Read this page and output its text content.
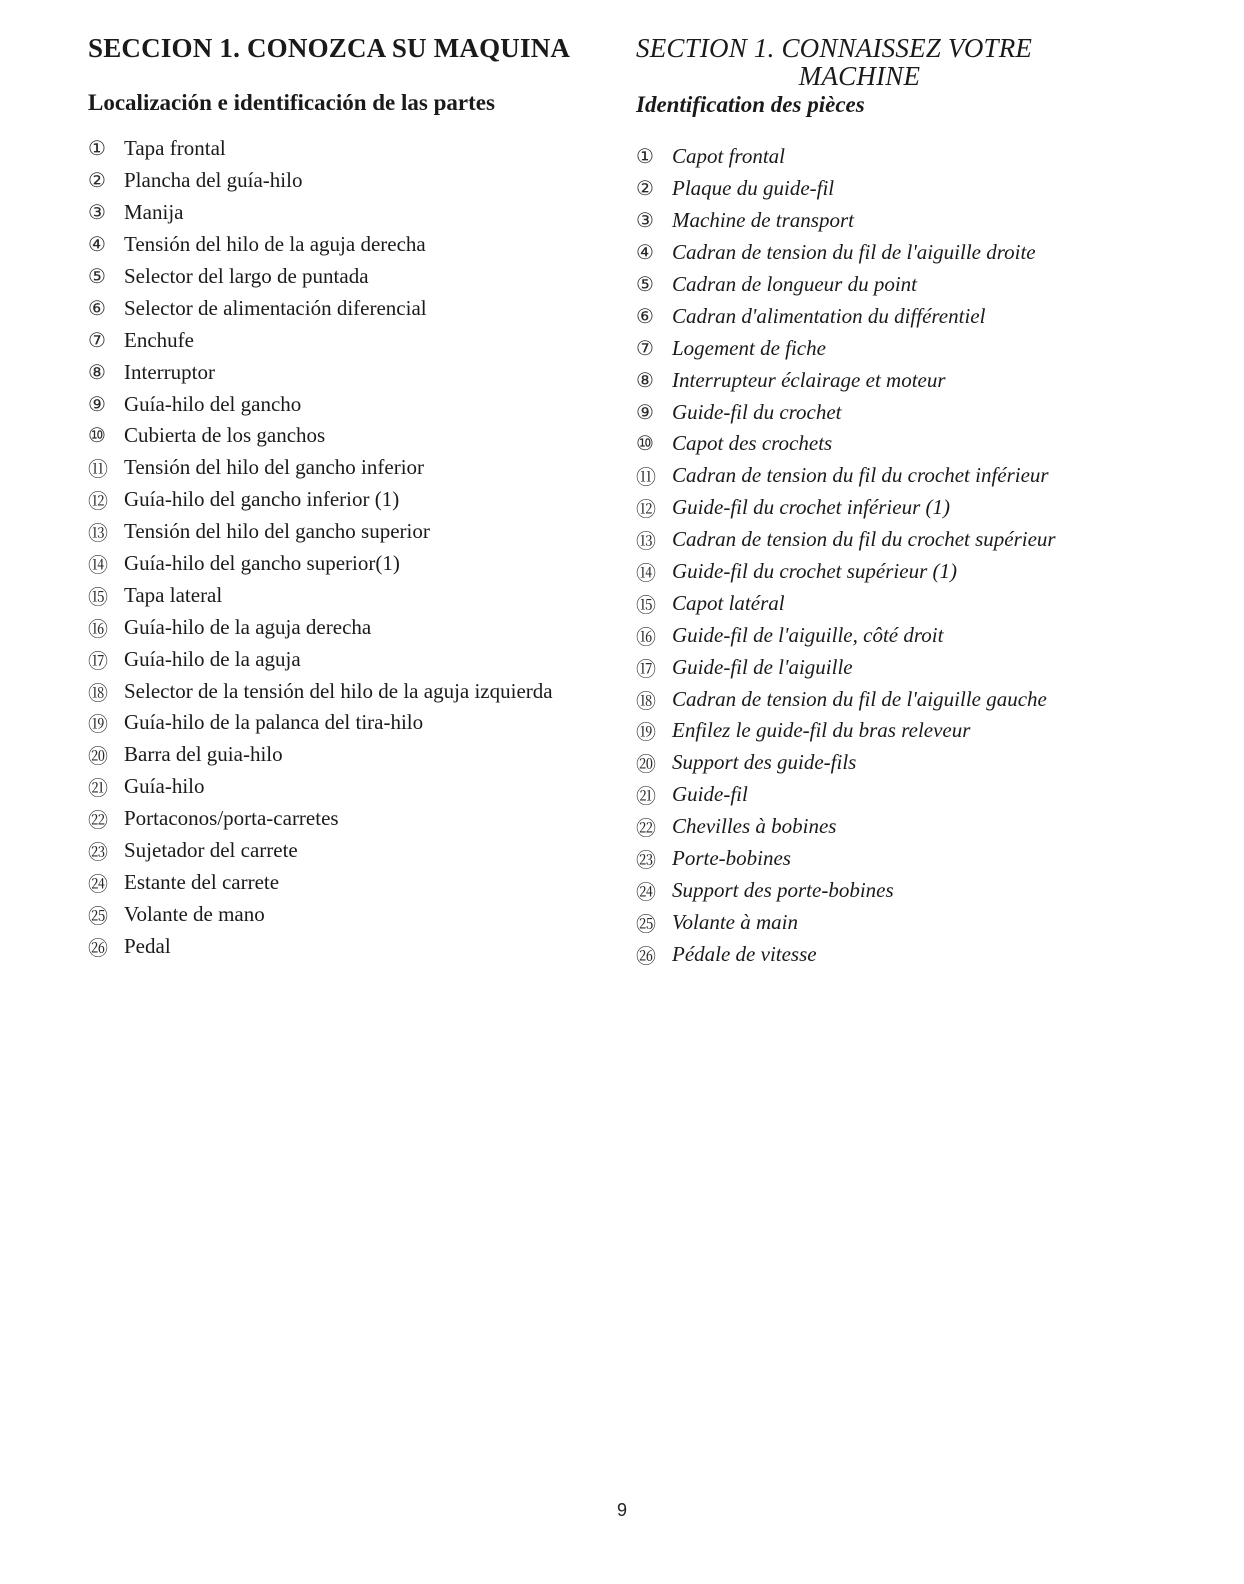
SECCION 1. CONOZCA SU MAQUINA
Localización e identificación de las partes
① Tapa frontal
② Plancha del guía-hilo
③ Manija
④ Tensión del hilo de la aguja derecha
⑤ Selector del largo de puntada
⑥ Selector de alimentación diferencial
⑦ Enchufe
⑧ Interruptor
⑨ Guía-hilo del gancho
⑩ Cubierta de los ganchos
⑪ Tensión del hilo del gancho inferior
⑫ Guía-hilo del gancho inferior (1)
⑬ Tensión del hilo del gancho superior
⑭ Guía-hilo del gancho superior(1)
⑮ Tapa lateral
⑯ Guía-hilo de la aguja derecha
⑰ Guía-hilo de la aguja
⑱ Selector de la tensión del hilo de la aguja izquierda
⑲ Guía-hilo de la palanca del tira-hilo
⑳ Barra del guia-hilo
㉑ Guía-hilo
㉒ Portaconos/porta-carretes
㉓ Sujetador del carrete
㉔ Estante del carrete
㉕ Volante de mano
㉖ Pedal
SECTION 1. CONNAISSEZ VOTRE
MACHINE
Identification des pièces
① Capot frontal
② Plaque du guide-fil
③ Machine de transport
④ Cadran de tension du fil de l'aiguille droite
⑤ Cadran de longueur du point
⑥ Cadran d'alimentation du différentiel
⑦ Logement de fiche
⑧ Interrupteur éclairage et moteur
⑨ Guide-fil du crochet
⑩ Capot des crochets
⑪ Cadran de tension du fil du crochet inférieur
⑫ Guide-fil du crochet inférieur (1)
⑬ Cadran de tension du fil du crochet supérieur
⑭ Guide-fil du crochet supérieur (1)
⑮ Capot latéral
⑯ Guide-fil de l'aiguille, côté droit
⑰ Guide-fil de l'aiguille
⑱ Cadran de tension du fil de l'aiguille gauche
⑲ Enfilez le guide-fil du bras releveur
⑳ Support des guide-fils
㉑ Guide-fil
㉒ Chevilles à bobines
㉓ Porte-bobines
㉔ Support des porte-bobines
㉕ Volante à main
㉖ Pédale de vitesse
9
